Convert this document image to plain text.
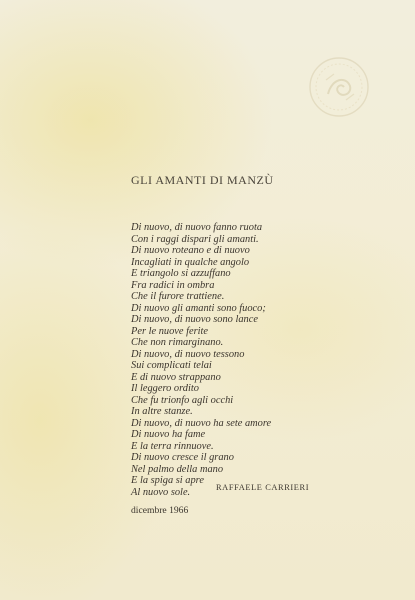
GLI AMANTI DI MANZÙ
Di nuovo, di nuovo fanno ruota
Con i raggi dispari gli amanti.
Di nuovo roteano e di nuovo
Incagliati in qualche angolo
E triangolo si azzuffano
Fra radici in ombra
Che il furore trattiene.
Di nuovo gli amanti sono fuoco;
Di nuovo, di nuovo sono lance
Per le nuove ferite
Che non rimarginano.
Di nuovo, di nuovo tessono
Sui complicati telai
E di nuovo strappano
Il leggero ordito
Che fu trionfo agli occhi
In altre stanze.
Di nuovo, di nuovo ha sete amore
Di nuovo ha fame
E la terra rinnuove.
Di nuovo cresce il grano
Nel palmo della mano
E la spiga si apre
Al nuovo sole.	RAFFAELE CARRIERI
dicembre 1966
